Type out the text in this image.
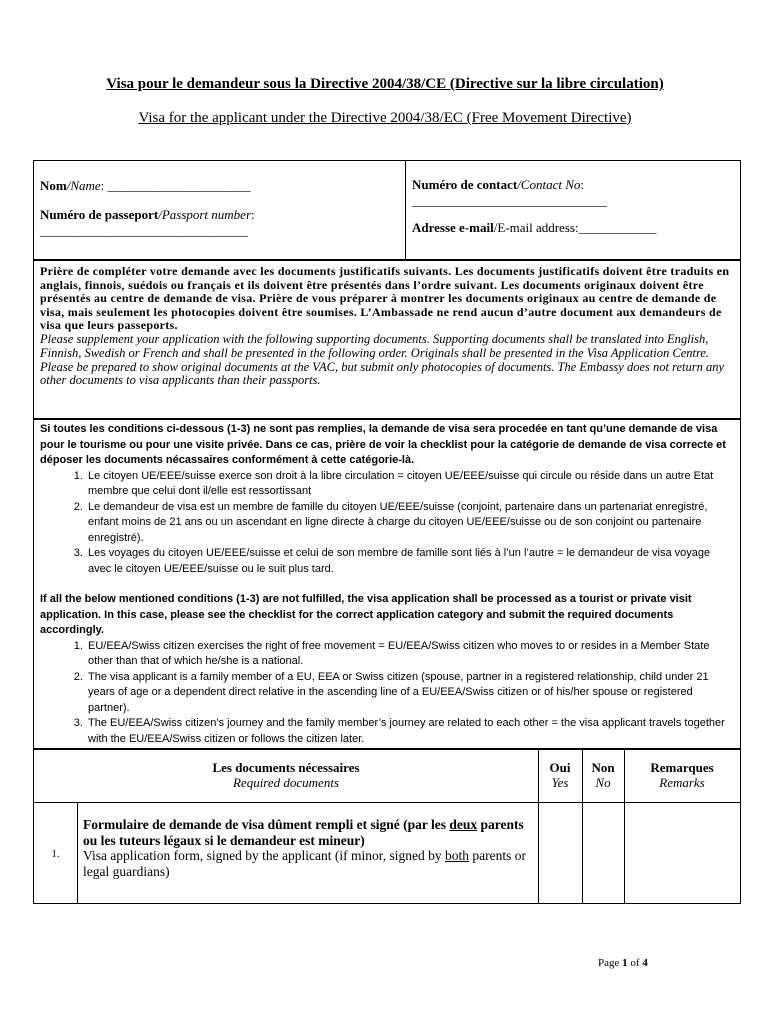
Visa pour le demandeur sous la Directive 2004/38/CE (Directive sur la libre circulation)
Visa for the applicant under the Directive 2004/38/EC (Free Movement Directive)
Nom/Name: ______________________
Numéro de passeport/Passport number:
________________________________
Numéro de contact/Contact No:
______________________________
Adresse e-mail/E-mail address:____________
Prière de compléter votre demande avec les documents justificatifs suivants. Les documents justificatifs doivent être traduits en anglais, finnois, suédois ou français et ils doivent être présentés dans l’ordre suivant. Les documents originaux doivent être présentés au centre de demande de visa. Prière de vous préparer à montrer les documents originaux au centre de demande de visa, mais seulement les photocopies doivent être soumises. L’Ambassade ne rend aucun d’autre document aux demandeurs de visa que leurs passeports.
Please supplement your application with the following supporting documents. Supporting documents shall be translated into English, Finnish, Swedish or French and shall be presented in the following order. Originals shall be presented in the Visa Application Centre. Please be prepared to show original documents at the VAC, but submit only photocopies of documents. The Embassy does not return any other documents to visa applicants than their passports.
Si toutes les conditions ci-dessous (1-3) ne sont pas remplies, la demande de visa sera procedée en tant qu’une demande de visa pour le tourisme ou pour une visite privée. Dans ce cas, prière de voir la checklist pour la catégorie de demande de visa correcte et déposer les documents nécassaires conformément à cette catégorie-là.
1. Le citoyen UE/EEE/suisse exerce son droit à la libre circulation = citoyen UE/EEE/suisse qui circule ou réside dans un autre Etat membre que celui dont il/elle est ressortissant
2. Le demandeur de visa est un membre de famille du citoyen UE/EEE/suisse (conjoint, partenaire dans un partenariat enregistré, enfant moins de 21 ans ou un ascendant en ligne directe à charge du citoyen UE/EEE/suisse ou de son conjoint ou partenaire enregistré).
3. Les voyages du citoyen UE/EEE/suisse et celui de son membre de famille sont liés à l’un l’autre = le demandeur de visa voyage avec le citoyen UE/EEE/suisse ou le suit plus tard.
If all the below mentioned conditions (1-3) are not fulfilled, the visa application shall be processed as a tourist or private visit application. In this case, please see the checklist for the correct application category and submit the required documents accordingly.
1. EU/EEA/Swiss citizen exercises the right of free movement = EU/EEA/Swiss citizen who moves to or resides in a Member State other than that of which he/she is a national.
2. The visa applicant is a family member of a EU, EEA or Swiss citizen (spouse, partner in a registered relationship, child under 21 years of age or a dependent direct relative in the ascending line of a EU/EEA/Swiss citizen or of his/her spouse or registered partner).
3. The EU/EEA/Swiss citizen’s journey and the family member’s journey are related to each other = the visa applicant travels together with the EU/EEA/Swiss citizen or follows the citizen later.
Les documents nécessaires
Required documents
Oui
Yes
Non
No
Remarques
Remarks
1.
Formulaire de demande de visa dûment rempli et signé (par les deux parents ou les tuteurs légaux si le demandeur est mineur)
Visa application form, signed by the applicant (if minor, signed by both parents or legal guardians)
Page 1 of 4
